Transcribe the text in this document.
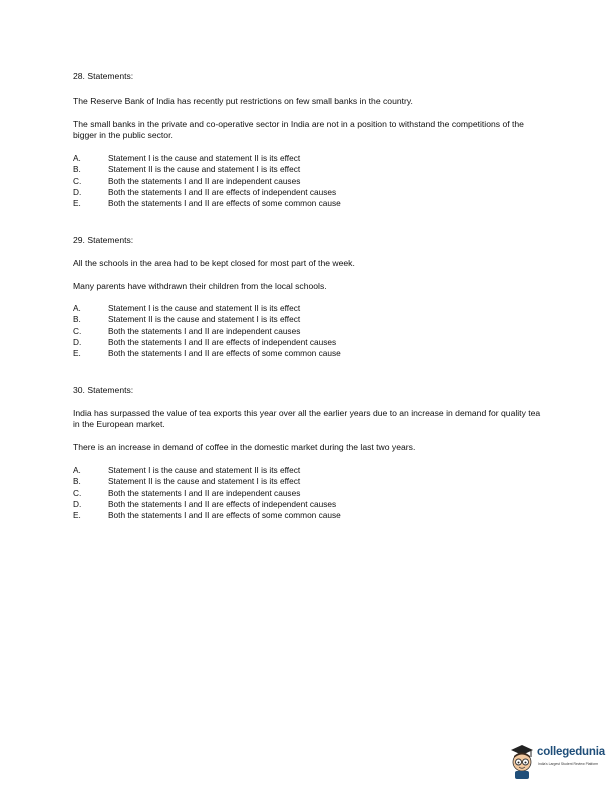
28. Statements:
The Reserve Bank of India has recently put restrictions on few small banks in the country.
The small banks in the private and co-operative sector in India are not in a position to withstand the competitions of the bigger in the public sector.
A.	Statement I is the cause and statement II is its effect
B.	Statement II is the cause and statement I is its effect
C.	Both the statements I and II are independent causes
D.	Both the statements I and II are effects of independent causes
E.	Both the statements I and II are effects of some common cause
29. Statements:
All the schools in the area had to be kept closed for most part of the week.
Many parents have withdrawn their children from the local schools.
A.	Statement I is the cause and statement II is its effect
B.	Statement II is the cause and statement I is its effect
C.	Both the statements I and II are independent causes
D.	Both the statements I and II are effects of independent causes
E.	Both the statements I and II are effects of some common cause
30. Statements:
India has surpassed the value of tea exports this year over all the earlier years due to an increase in demand for quality tea in the European market.
There is an increase in demand of coffee in the domestic market during the last two years.
A.	Statement I is the cause and statement II is its effect
B.	Statement II is the cause and statement I is its effect
C.	Both the statements I and II are independent causes
D.	Both the statements I and II are effects of independent causes
E.	Both the statements I and II are effects of some common cause
collegedunia
India's Largest Student Review Platform
